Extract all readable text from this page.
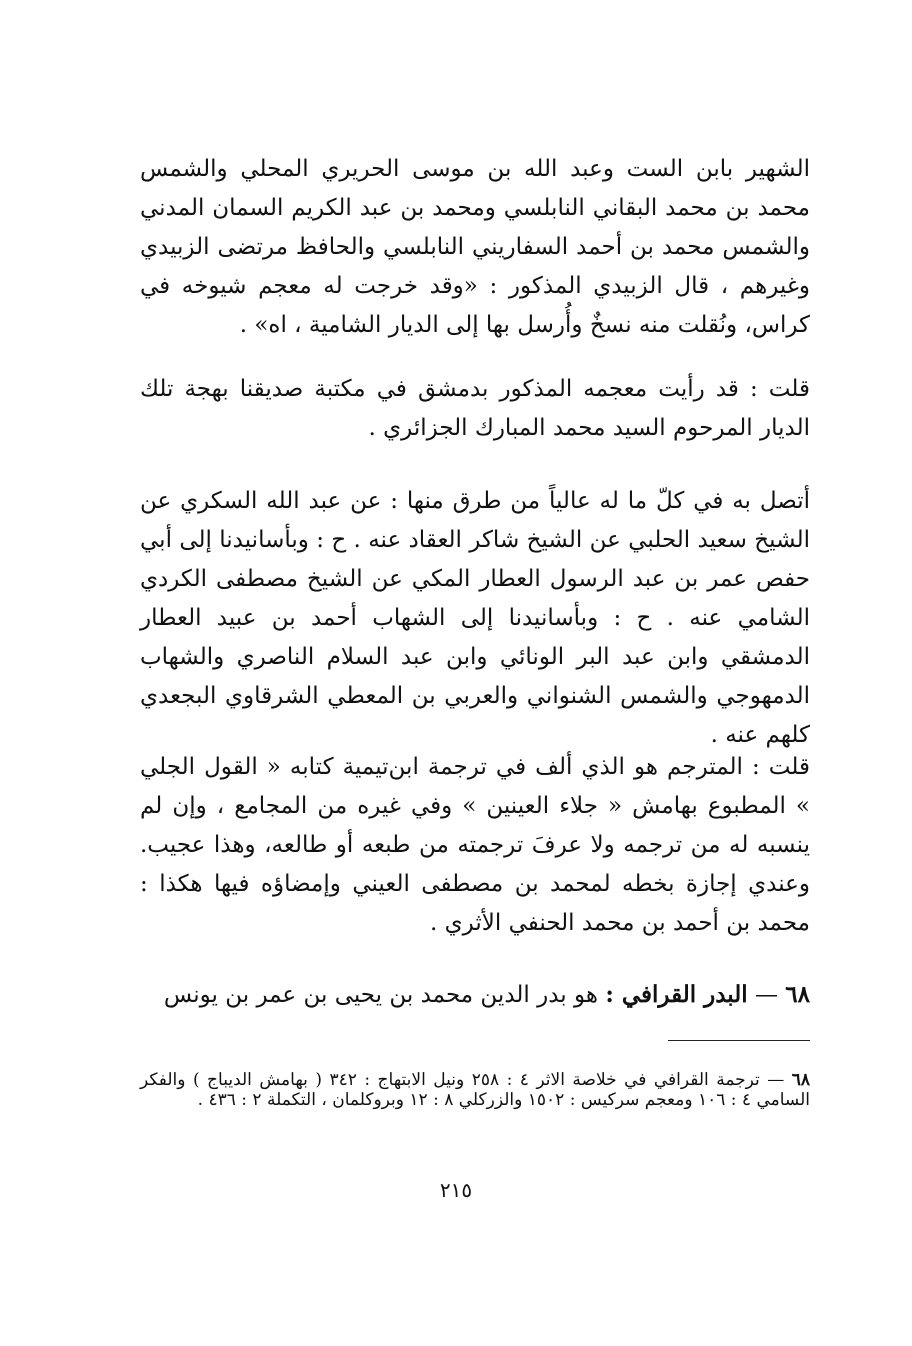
الشهير بابن الست وعبد الله بن موسى الحريري المحلي والشمس محمد بن محمد البقاني النابلسي ومحمد بن عبد الكريم السمان المدني والشمس محمد بن أحمد السفاريني النابلسي والحافظ مرتضى الزبيدي وغيرهم ، قال الزبيدي المذكور : «وقد خرجت له معجم شيوخه في كراس، ونُقلت منه نسخٌ وأُرسل بها إلى الديار الشامية ، اه» .

قلت : قد رأيت معجمه المذكور بدمشق في مكتبة صديقنا بهجة تلك الديار المرحوم السيد محمد المبارك الجزائري .

أتصل به في كلّ ما له عالياً من طرق منها : عن عبد الله السكري عن الشيخ سعيد الحلبي عن الشيخ شاكر العقاد عنه . ح : وبأسانيدنا إلى أبي حفص عمر بن عبد الرسول العطار المكي عن الشيخ مصطفى الكردي الشامي عنه . ح : وبأسانيدنا إلى الشهاب أحمد بن عبيد العطار الدمشقي وابن عبد البر الونائي وابن عبد السلام الناصري والشهاب الدمهوجي والشمس الشنواني والعربي بن المعطي الشرقاوي البجعدي كلهم عنه .

قلت : المترجم هو الذي ألف في ترجمة ابن‌تيمية كتابه « القول الجلي » المطبوع بهامش « جلاء العينين » وفي غيره من المجامع ، وإن لم ينسبه له من ترجمه ولا عرفَ ترجمته من طبعه أو طالعه، وهذا عجيب. وعندي إجازة بخطه لمحمد بن مصطفى العيني وإمضاؤه فيها هكذا : محمد بن أحمد بن محمد الحنفي الأثري .

٦٨ — البدر القرافي : هو بدر الدين محمد بن يحيى بن عمر بن يونس

٦٨ — ترجمة القرافي في خلاصة الاثر ٤ : ٢٥٨ ونيل الابتهاج : ٣٤٢ ( بهامش الديباج ) والفكر السامي ٤ : ١٠٦ ومعجم سركيس : ١٥٠٢ والزركلي ٨ : ١٢ وبروكلمان ، التكملة ٢ : ٤٣٦ .

٢١٥
